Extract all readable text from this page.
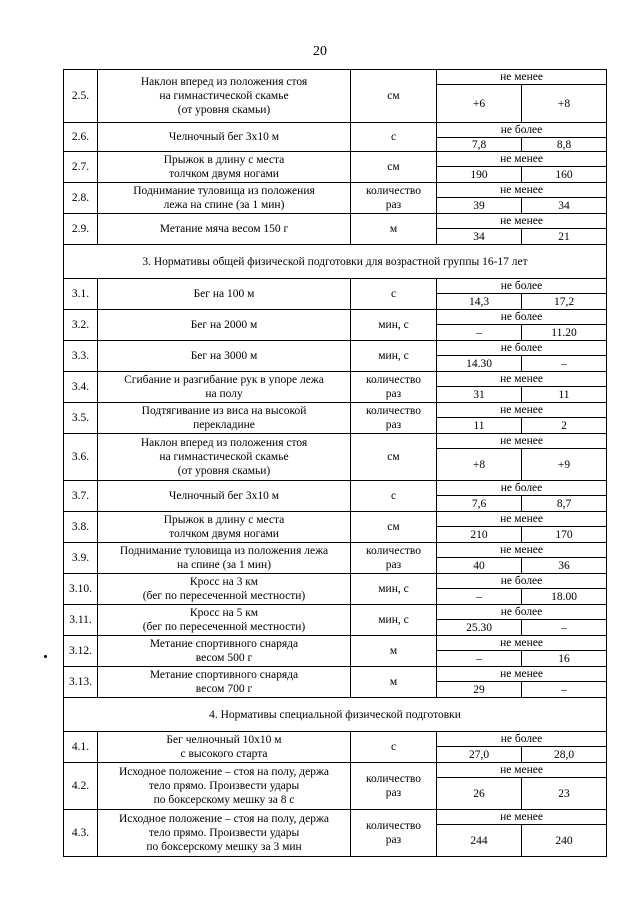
20
2.5.	Наклон вперед из положения стоя
на гимнастической скамье
(от уровня скамьи)	см	не менее	
			+6	+8
2.6.	Челночный бег 3x10 м	с	не более	
			7,8	8,8
2.7.	Прыжок в длину с места
толчком двумя ногами	см	не менее	
			190	160
2.8.	Поднимание туловища из положения
лежа на спине (за 1 мин)	количество
раз	не менее	
			39	34
2.9.	Метание мяча весом 150 г	м	не менее	
			34	21
3. Нормативы общей физической подготовки для возрастной группы 16-17 лет				
3.1.	Бег на 100 м	с	не более	
			14,3	17,2
3.2.	Бег на 2000 м	мин, с	не более	
			–	11.20
3.3.	Бег на 3000 м	мин, с	не более	
			14.30	–
3.4.	Сгибание и разгибание рук в упоре лежа
на полу	количество
раз	не менее	
			31	11
3.5.	Подтягивание из виса на высокой
перекладине	количество
раз	не менее	
			11	2
3.6.	Наклон вперед из положения стоя
на гимнастической скамье
(от уровня скамьи)	см	не менее	
			+8	+9
3.7.	Челночный бег 3x10 м	с	не более	
			7,6	8,7
3.8.	Прыжок в длину с места
толчком двумя ногами	см	не менее	
			210	170
3.9.	Поднимание туловища из положения лежа
на спине (за 1 мин)	количество
раз	не менее	
			40	36
3.10.	Кросс на 3 км
(бег по пересеченной местности)	мин, с	не более	
			–	18.00
3.11.	Кросс на 5 км
(бег по пересеченной местности)	мин, с	не более	
			25.30	–
3.12.	Метание спортивного снаряда
весом 500 г	м	не менее	
			–	16
3.13.	Метание спортивного снаряда
весом 700 г	м	не менее	
			29	–
4. Нормативы специальной физической подготовки				
4.1.	Бег челночный 10x10 м
с высокого старта	с	не более	
			27,0	28,0
4.2.	Исходное положение – стоя на полу, держа
тело прямо. Произвести удары
по боксерскому мешку за 8 с	количество
раз	не менее	
			26	23
4.3.	Исходное положение – стоя на полу, держа
тело прямо. Произвести удары
по боксерскому мешку за 3 мин	количество
раз	не менее	
			244	240
